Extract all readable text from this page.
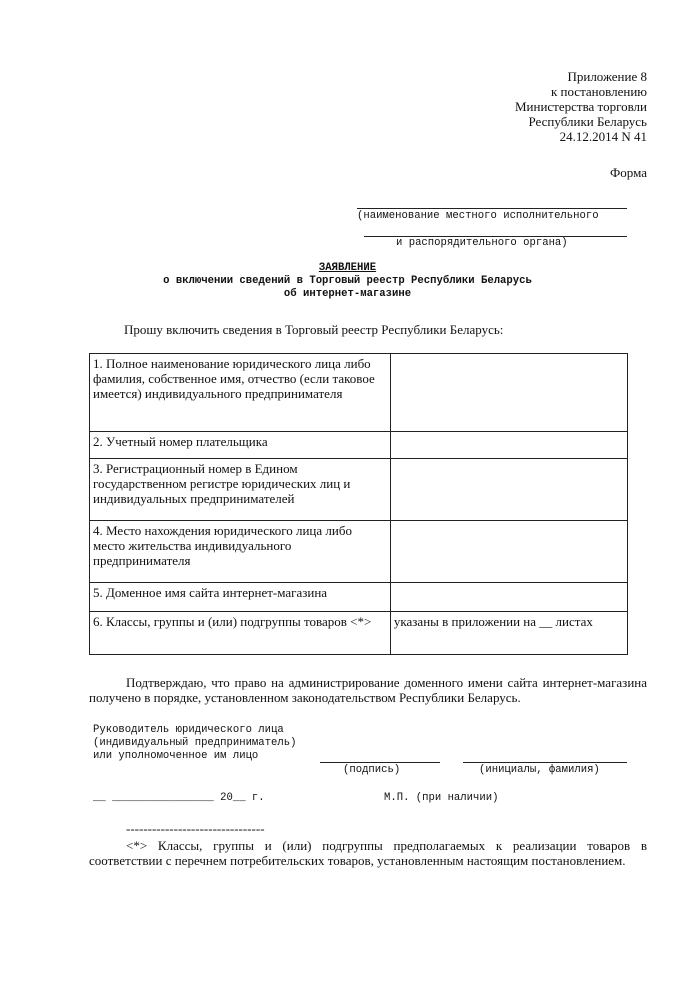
Приложение 8
к постановлению
Министерства торговли
Республики Беларусь
24.12.2014 N 41
Форма
(наименование местного исполнительного
и распорядительного органа)
ЗАЯВЛЕНИЕ
о включении сведений в Торговый реестр Республики Беларусь
об интернет-магазине
Прошу включить сведения в Торговый реестр Республики Беларусь:
1. Полное наименование юридического лица либо фамилия, собственное имя, отчество (если таковое имеется) индивидуального предпринимателя	
2. Учетный номер плательщика	
3. Регистрационный номер в Едином государственном регистре юридических лиц и индивидуальных предпринимателей	
4. Место нахождения юридического лица либо место жительства индивидуального предпринимателя	
5. Доменное имя сайта интернет-магазина	
6. Классы, группы и (или) подгруппы товаров <*>	указаны в приложении на __ листах
Подтверждаю, что право на администрирование доменного имени сайта интернет-магазина получено в порядке, установленном законодательством Республики Беларусь.
Руководитель юридического лица
(индивидуальный предприниматель)
или уполномоченное им лицо
(подпись)	(инициалы, фамилия)
__ ________________ 20__ г.	М.П. (при наличии)
--------------------------------
<*> Классы, группы и (или) подгруппы предполагаемых к реализации товаров в соответствии с перечнем потребительских товаров, установленным настоящим постановлением.
